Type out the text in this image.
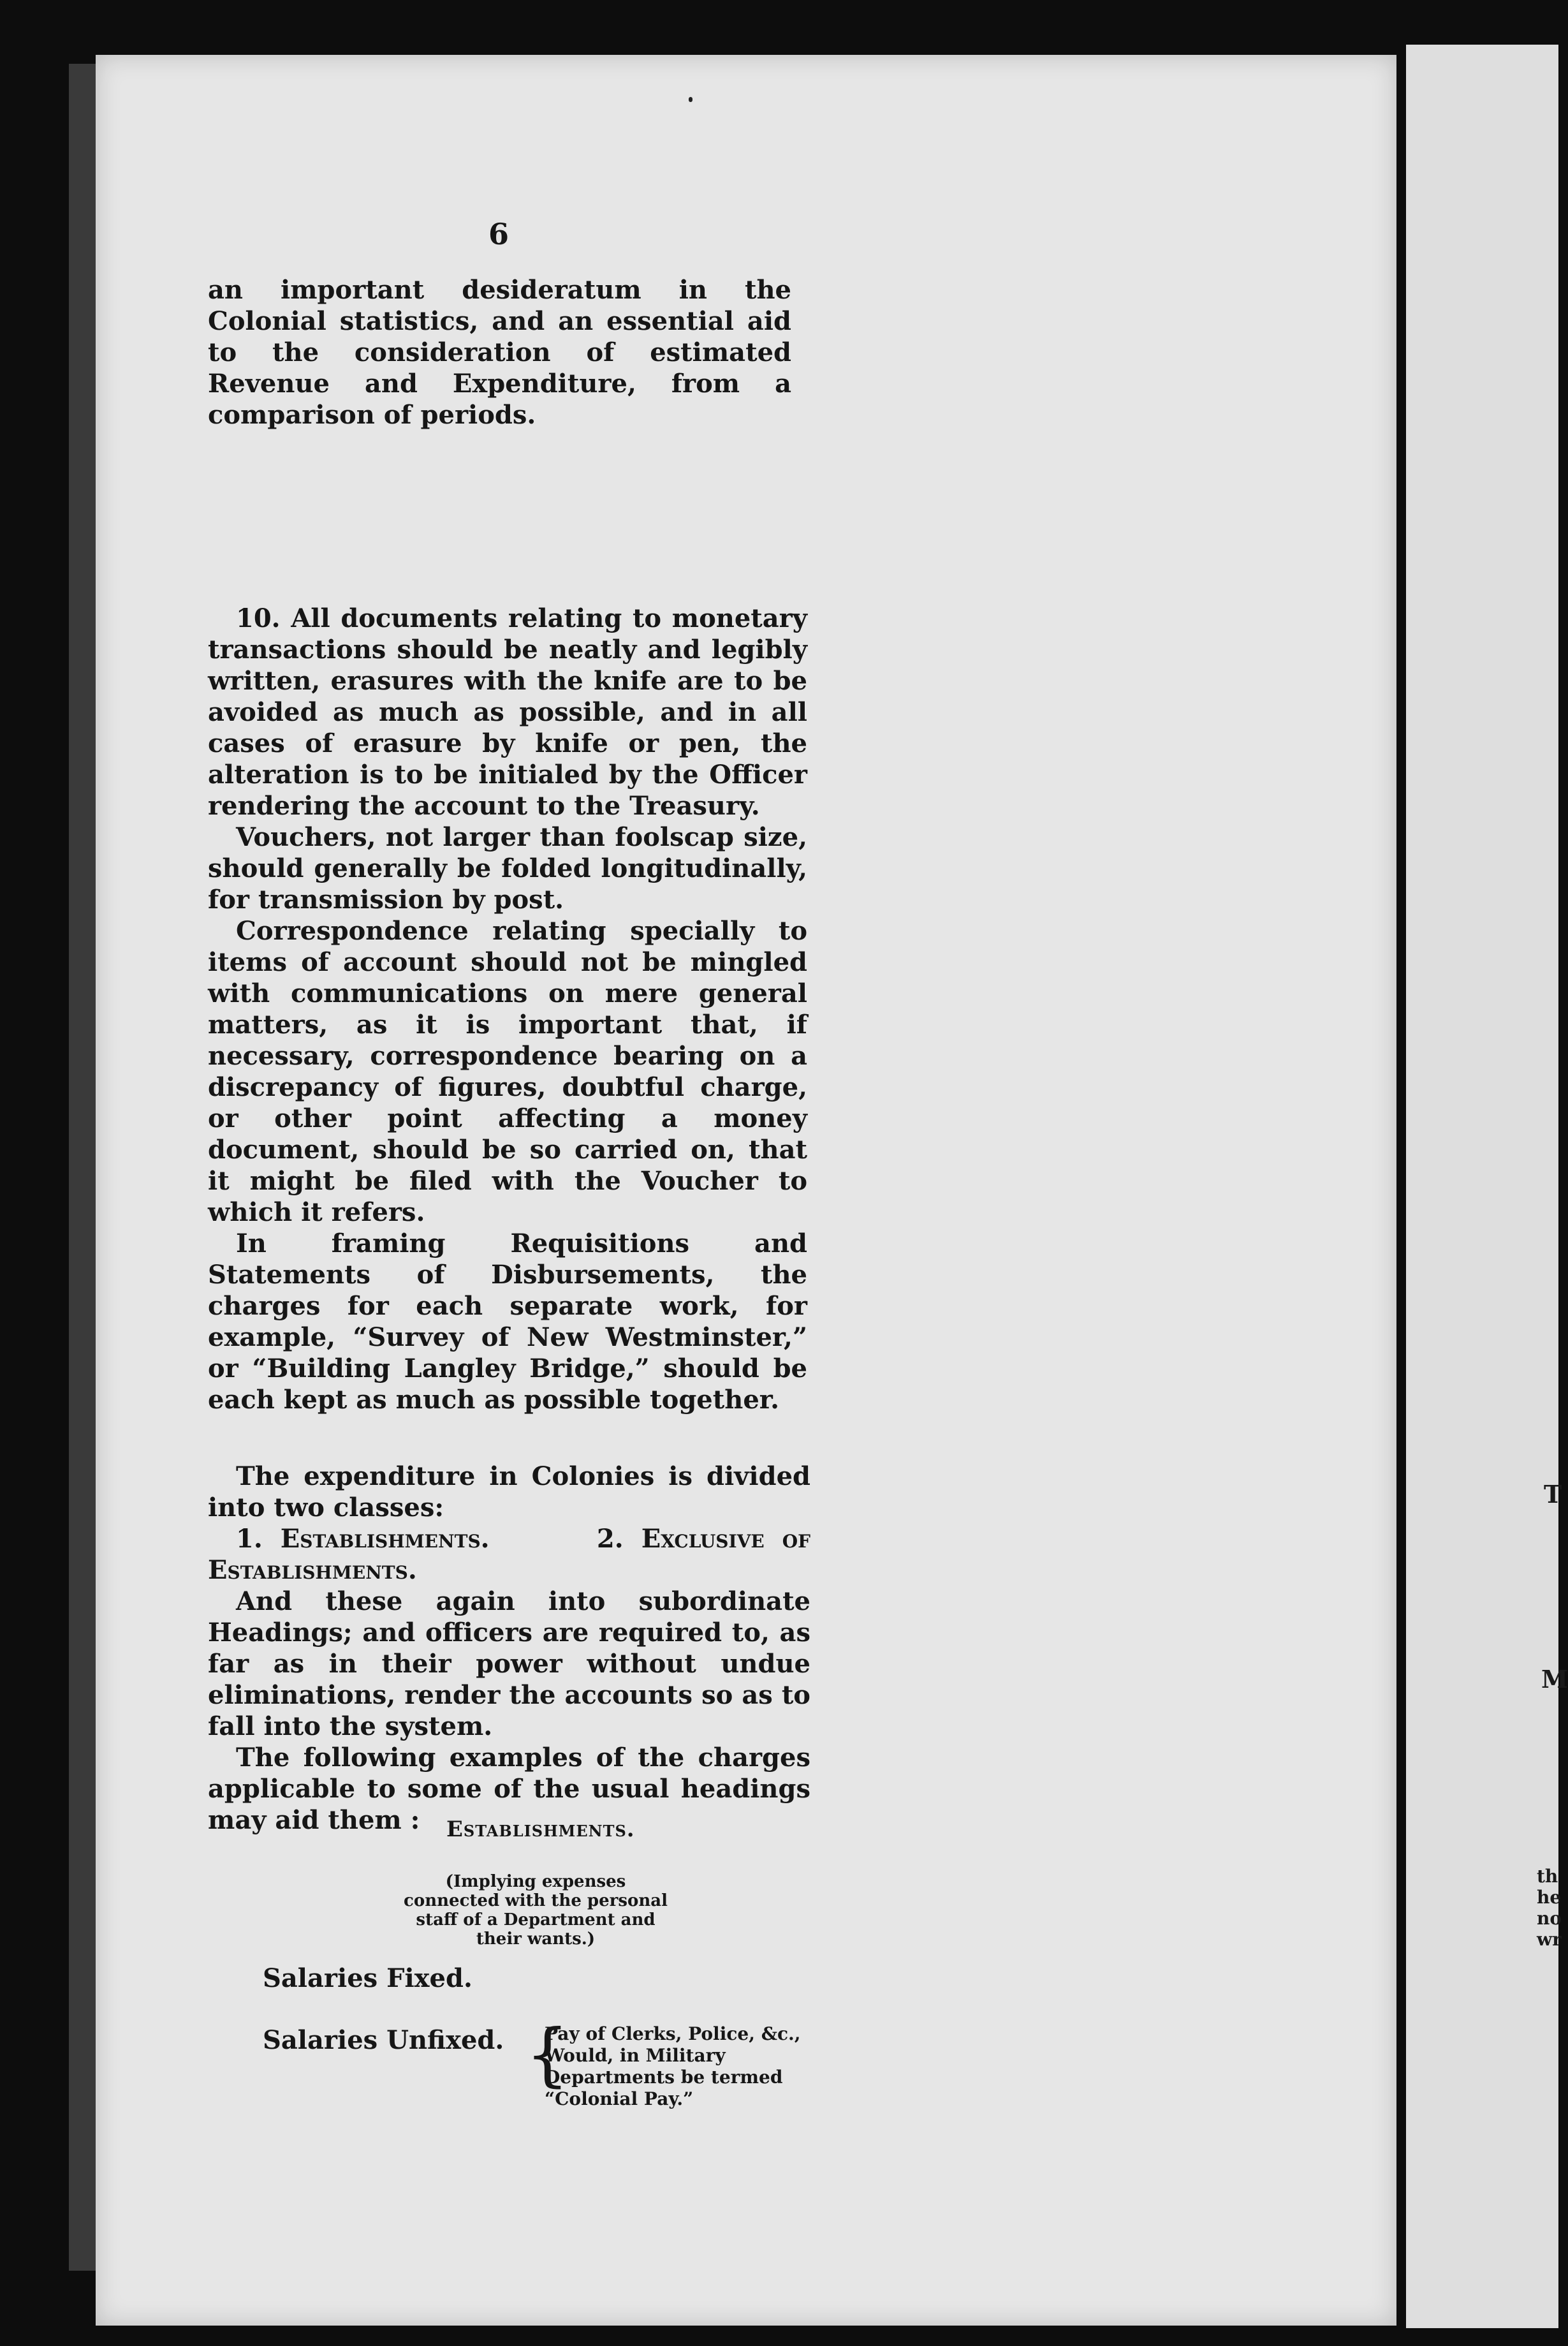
T
M
th
he
no
wr
6

an important desideratum in the Colonial statistics, and an essential aid to the consideration of estimated Revenue and Expenditure, from a comparison of periods.

10. All documents relating to monetary transactions should be neatly and legibly written, erasures with the knife are to be avoided as much as possible, and in all cases of erasure by knife or pen, the alteration is to be initialed by the Officer rendering the account to the Treasury.

Vouchers, not larger than foolscap size, should generally be folded longitudinally, for transmission by post.

Correspondence relating specially to items of account should not be mingled with communications on mere general matters, as it is important that, if necessary, correspondence bearing on a discrepancy of figures, doubtful charge, or other point affecting a money document, should be so carried on, that it might be filed with the Voucher to which it refers.

In framing Requisitions and Statements of Disbursements, the charges for each separate work, for example, “Survey of New Westminster,” or “Building Langley Bridge,” should be each kept as much as possible together.

The expenditure in Colonies is divided into two classes:

1. Establishments.	2. Exclusive of Establishments.

And these again into subordinate Headings; and officers are required to, as far as in their power without undue eliminations, render the accounts so as to fall into the system.

The following examples of the charges applicable to some of the usual headings may aid them :	Establishments.
(Implying expenses connected with the personal staff of a Department and their wants.)
Salaries Fixed.
Salaries Unfixed. {
Pay of Clerks, Police, &c., Would, in Military Departments be termed “Colonial Pay.”
